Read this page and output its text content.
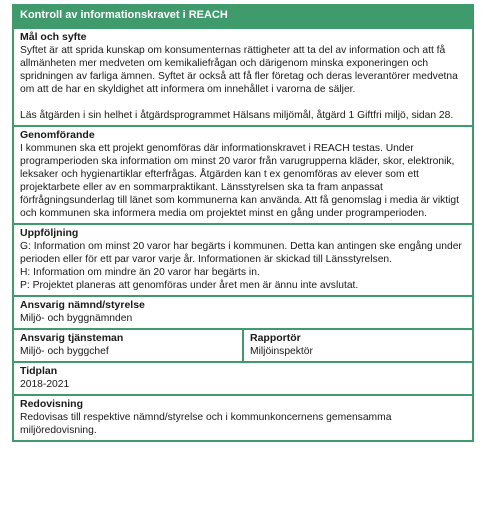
Kontroll av informationskravet i REACH
Mål och syfte

Syftet är att sprida kunskap om konsumenternas rättigheter att ta del av information och att få allmänheten mer medveten om kemikaliefrågan och därigenom minska exponeringen och spridningen av farliga ämnen. Syftet är också att få fler företag och deras leverantörer medvetna om att de har en skyldighet att informera om innehållet i varorna de säljer.

Läs åtgärden i sin helhet i åtgärdsprogrammet Hälsans miljömål, åtgärd 1 Giftfri miljö, sidan 28.

Genomförande

I kommunen ska ett projekt genomföras där informationskravet i REACH testas. Under programperioden ska information om minst 20 varor från varugrupperna kläder, skor, elektronik, leksaker och hygienartiklar efterfrågas. Åtgärden kan t ex genomföras av elever som ett projektarbete eller av en sommarpraktikant. Länsstyrelsen ska ta fram anpassat förfrågningsunderlag till länet som kommunerna kan använda. Att få genomslag i media är viktigt och kommunen ska informera media om projektet minst en gång under programperioden.

Uppföljning

G: Information om minst 20 varor har begärts i kommunen. Detta kan antingen ske engång under perioden eller för ett par varor varje år. Informationen är skickad till Länsstyrelsen.

H: Information om mindre än 20 varor har begärts in.

P: Projektet planeras att genomföras under året men är ännu inte avslutat.

Ansvarig nämnd/styrelse

Miljö- och byggnämnden

Ansvarig tjänsteman
Miljö- och byggchef
Rapportör
Miljöinspektör
Tidplan

2018-2021

Redovisning

Redovisas till respektive nämnd/styrelse och i kommunkoncernens gemensamma miljöredovisning.
